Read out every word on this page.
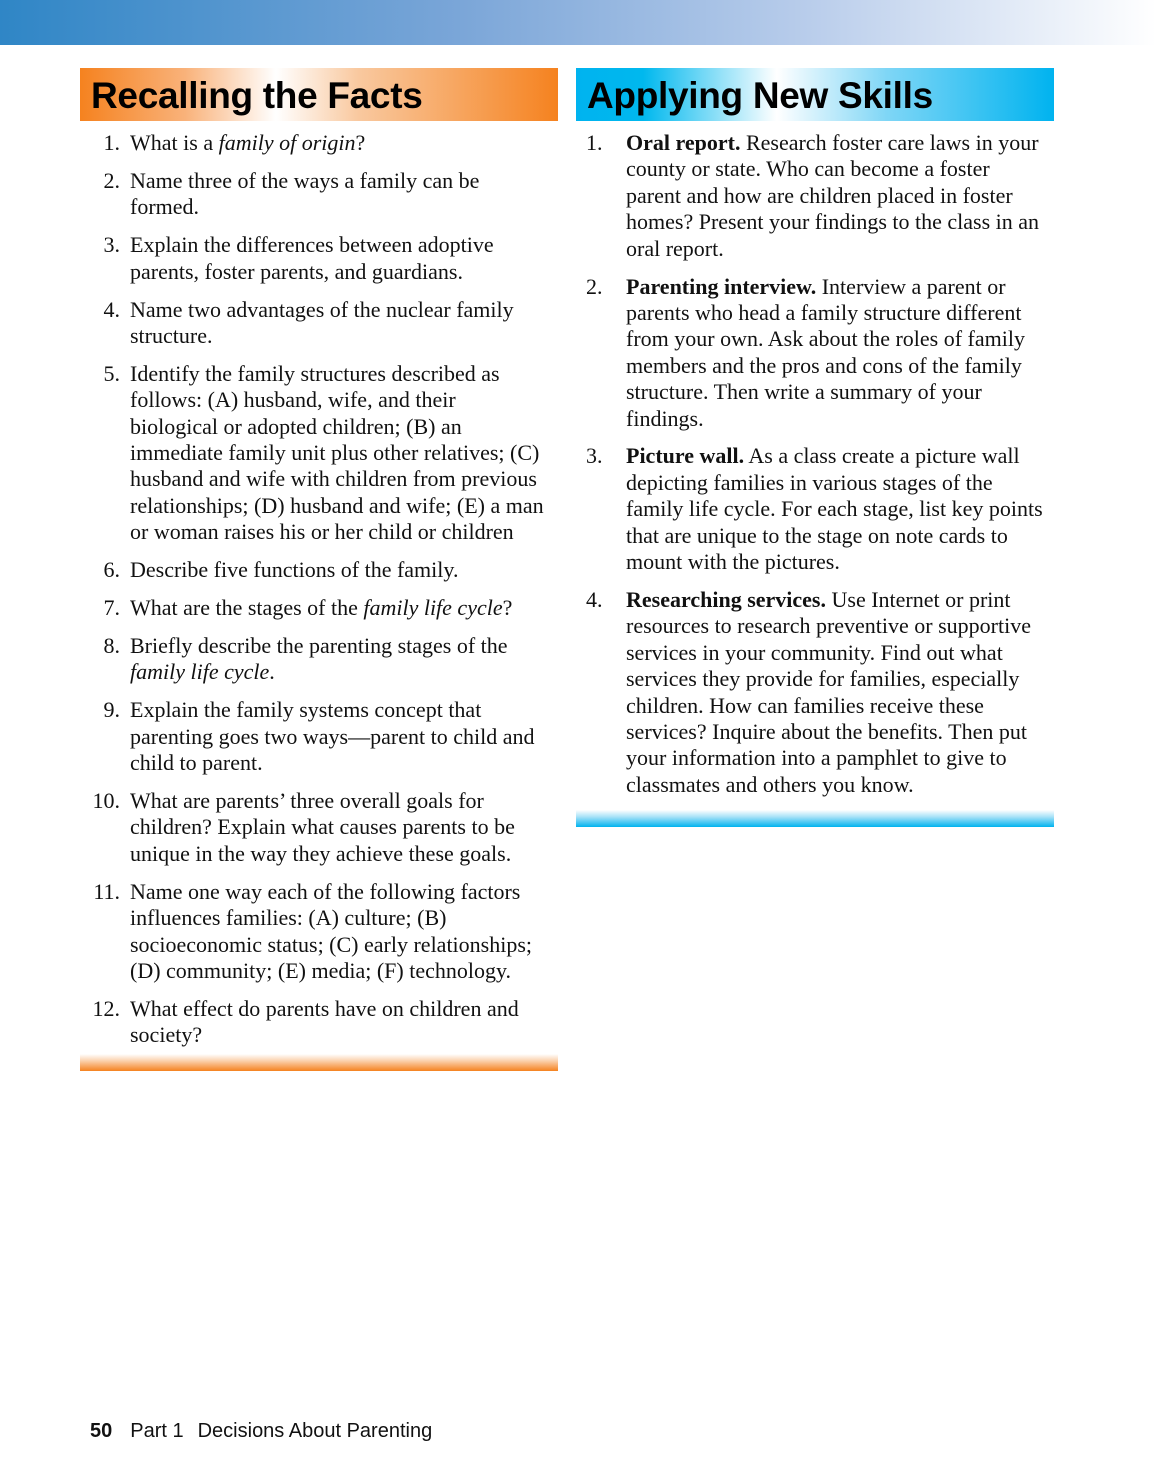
Recalling the Facts
1. What is a family of origin?
2. Name three of the ways a family can be formed.
3. Explain the differences between adoptive parents, foster parents, and guardians.
4. Name two advantages of the nuclear family structure.
5. Identify the family structures described as follows: (A) husband, wife, and their biological or adopted children; (B) an immediate family unit plus other relatives; (C) husband and wife with children from previous relationships; (D) husband and wife; (E) a man or woman raises his or her child or children
6. Describe five functions of the family.
7. What are the stages of the family life cycle?
8. Briefly describe the parenting stages of the family life cycle.
9. Explain the family systems concept that parenting goes two ways—parent to child and child to parent.
10. What are parents’ three overall goals for children? Explain what causes parents to be unique in the way they achieve these goals.
11. Name one way each of the following factors influences families: (A) culture; (B) socioeconomic status; (C) early relationships; (D) community; (E) media; (F) technology.
12. What effect do parents have on children and society?
Applying New Skills
1. Oral report. Research foster care laws in your county or state. Who can become a foster parent and how are children placed in foster homes? Present your findings to the class in an oral report.
2. Parenting interview. Interview a parent or parents who head a family structure different from your own. Ask about the roles of family members and the pros and cons of the family structure. Then write a summary of your findings.
3. Picture wall. As a class create a picture wall depicting families in various stages of the family life cycle. For each stage, list key points that are unique to the stage on note cards to mount with the pictures.
4. Researching services. Use Internet or print resources to research preventive or supportive services in your community. Find out what services they provide for families, especially children. How can families receive these services? Inquire about the benefits. Then put your information into a pamphlet to give to classmates and others you know.
50 Part 1 Decisions About Parenting
